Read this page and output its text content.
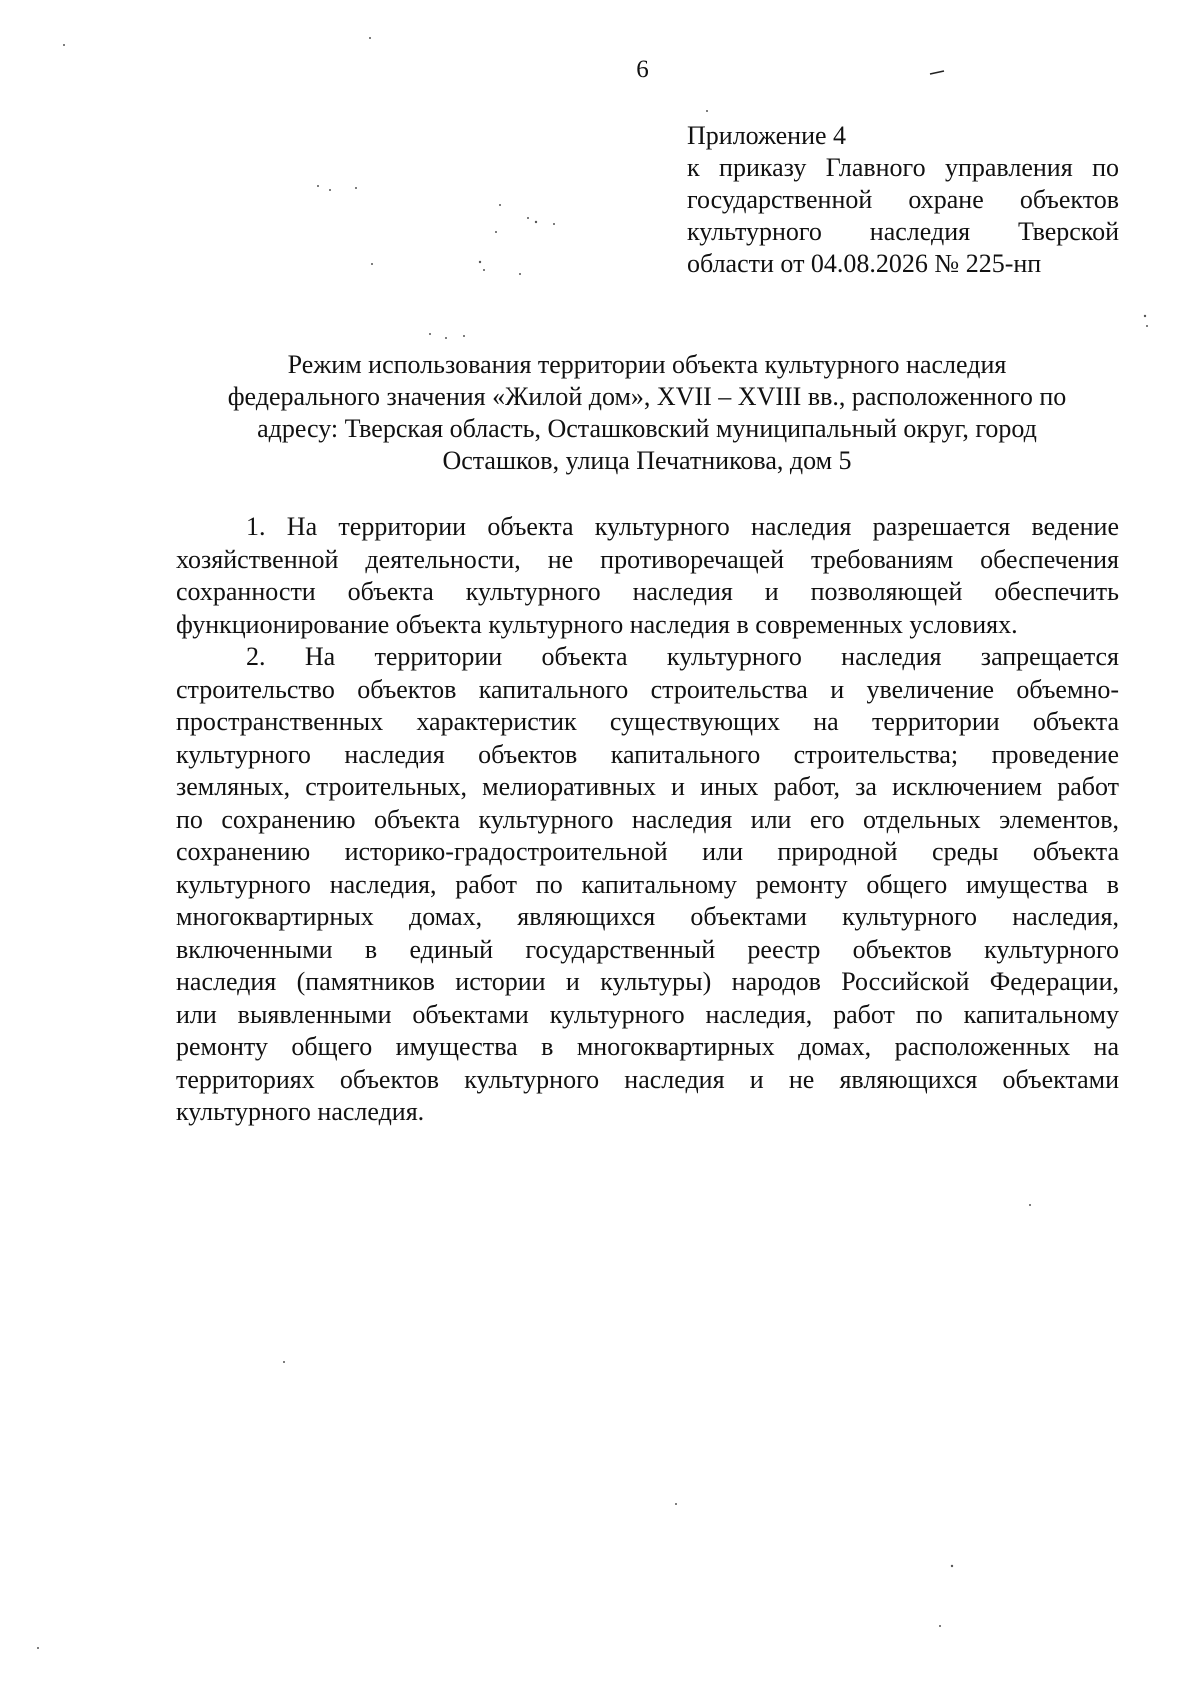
6
Приложение 4
к приказу Главного управления по
государственной охране объектов
культурного наследия Тверской
области от 04.08.2026 № 225-нп
Режим использования территории объекта культурного наследия
федерального значения «Жилой дом», XVII – XVIII вв., расположенного по
адресу: Тверская область, Осташковский муниципальный округ, город
Осташков, улица Печатникова, дом 5
1. На территории объекта культурного наследия разрешается ведение
хозяйственной деятельности, не противоречащей требованиям обеспечения
сохранности объекта культурного наследия и позволяющей обеспечить
функционирование объекта культурного наследия в современных условиях.
2. На территории объекта культурного наследия запрещается
строительство объектов капитального строительства и увеличение объемно-
пространственных характеристик существующих на территории объекта
культурного наследия объектов капитального строительства; проведение
земляных, строительных, мелиоративных и иных работ, за исключением работ
по сохранению объекта культурного наследия или его отдельных элементов,
сохранению историко-градостроительной или природной среды объекта
культурного наследия, работ по капитальному ремонту общего имущества в
многоквартирных домах, являющихся объектами культурного наследия,
включенными в единый государственный реестр объектов культурного
наследия (памятников истории и культуры) народов Российской Федерации,
или выявленными объектами культурного наследия, работ по капитальному
ремонту общего имущества в многоквартирных домах, расположенных на
территориях объектов культурного наследия и не являющихся объектами
культурного наследия.
